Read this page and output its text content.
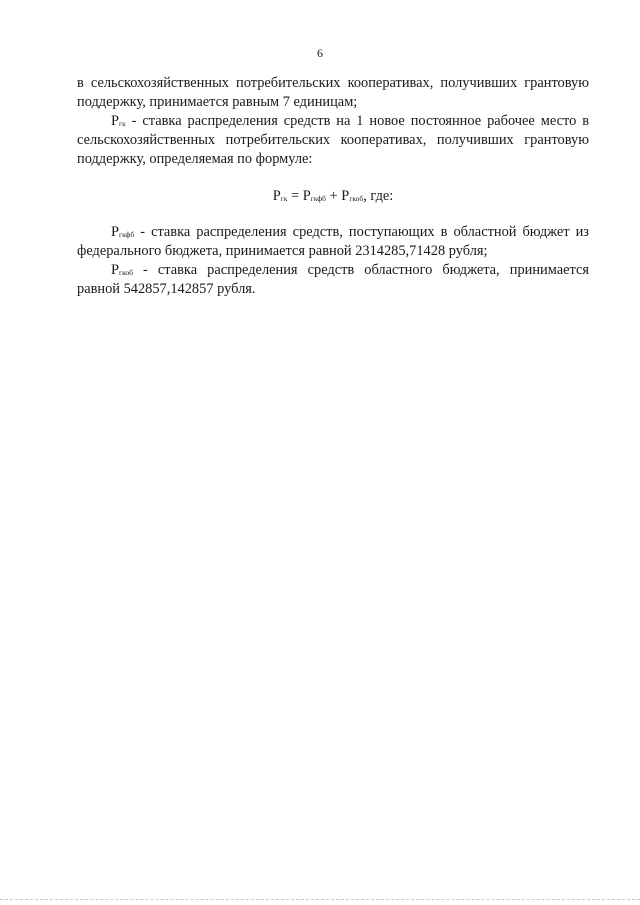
6

в сельскохозяйственных потребительских кооперативах, получивших грантовую поддержку, принимается равным 7 единицам;

$P_{гк}$ - ставка распределения средств на 1 новое постоянное рабочее место в сельскохозяйственных потребительских кооперативах, получивших грантовую поддержку, определяемая по формуле:

$P_{гк} = P_{гкфб} + P_{гкоб}$, где:

$P_{гкфб}$ - ставка распределения средств, поступающих в областной бюджет из федерального бюджета, принимается равной 2314285,71428 рубля;

$P_{гкоб}$ - ставка распределения средств областного бюджета, принимается равной 542857,142857 рубля.
